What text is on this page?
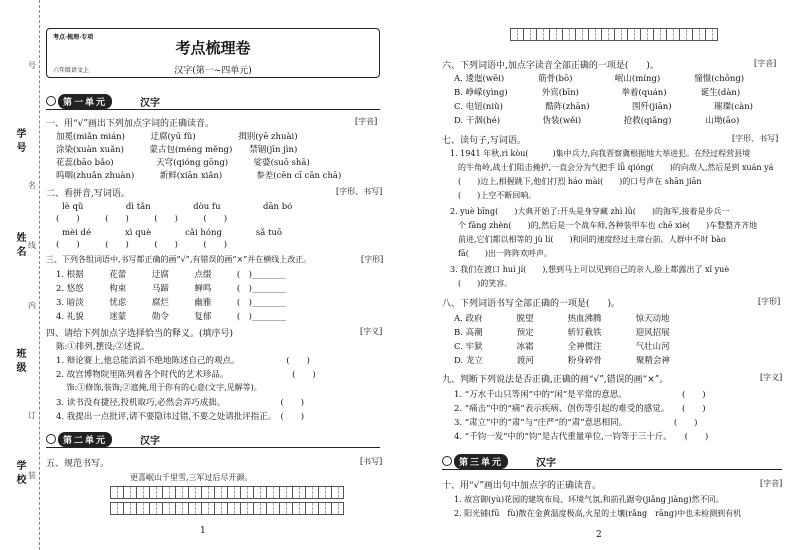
学号
姓名
班级
学校
号
名
线
内
订
装
考点·梳理·专项
六年级语文上
考点梳理卷
汉字(第一~四单元)
第一单元	汉字
一、用“√”画出下列加点字词的正确读音。	[字音]
加冕(miǎn mián)　　　迂腐(yū fǔ)　　　　　揖别(yē zhuài)
涂染(xuàn xuǎn)　　　蒙古包(méng měng)　　禁锢(jīn jìn)
花蕊(bāo bǎo)　　　　　天穹(qióng gōng)　　　娑婆(suō shā)
呜咽(zhuǎn zhuàn)　　　新鲜(xiān xiǎn)　　　　参差(cēn cī cān chā)
二、看拼音,写词语。	[字形、书写]
lè qǔ　　　　　dì tǎn　　　　　dòu fu　　　　　dān bó
(　　)　　　(　　)　　　(　　)　　　(　　)
mèi dé　　　　xì què　　　　cǎi hóng　　　　sǎ tuō
(　　)　　　(　　)　　　(　　)　　　(　　)
三、下列各组词语中,书写都正确的画“√”,有错误的画“×”并在横线上改正。	[字形]
1. 根据　　　花蕾　　　迂腐　　　点缀　　　(　)________
2. 悠悠　　　构束　　　马蹄　　　蝉鸣　　　(　)________
3. 暗淡　　　忧虑　　　腐烂　　　幽雅　　　(　)________
4. 礼貌　　　迷蒙　　　勋令　　　复郁　　　(　)________
四、请给下列加点字选择恰当的释义。(填序号)	[字义]
陈:①排列,摆设;②述说。
1. 辩论赛上,他总能滔滔不绝地陈述自己的观点。　　　　　　(　　)
2. 故宫博物院里陈列着各个时代的艺术珍品。　　　　　　　　(　　)
　 饰:①修饰,装饰;②遮掩,用于你有的心意(文字,见解等)。
3. 读书没有捷径,投机取巧,必然会弄巧成拙。　　　　　　　(　　)
4. 我提出一点批评,请不要隐讳过错,不要之处请批评指正。　(　　)
第二单元	汉字
五、规范书写。	[书写]
更喜岷山千里雪,三军过后尽开颜。
1
六、下列词语中,加点字读音全部正确的一项是(　　)。	[字音]
A. 逶迤(wēi)　　　　筋骨(bō)　　　　　岷山(míng)　　　　憧憬(chōng)
B. 峥嵘(yìng)　　　　外宾(bīn)　　　　　拳着(quán)　　　　诞生(dàn)
C. 电钮(niǔ)　　　　　酷阵(zhān)　　　　　围歼(jiān)　　　　　璀璨(càn)
D. 干涸(hé)　　　　　伪装(wěi)　　　　　抢救(qiǎng)　　　　山坳(āo)
七、读句子,写词语。	[字形、书写]
1. 1941 年秋,rì kòu(　　　)集中兵力,向我晋察冀根据地大举进犯。在经过程营县境
的牛角岭,战士们阻击掩护,一直会分为气把手 lǚ qióng(　　)的向敌人,然后是到 xuán yá
(　　)边上,相握跳下,他们打烈 háo mài(　　)的口号声在 shān jiān
(　　)上空不断回响。
2. yuè bīng(　　)大典开始了:开头是身穿藏 zhì lǜ(　　)的海军,接着是步兵一
个 fāng zhèn(　　)的,然后是一个战车师,各种装甲车也 chē xiè(　　)车整整齐齐地
前进,它们都以相等的 jù lí(　　)和同的速度经过主席台前。人群中不时 bào
fā(　　)出一阵阵欢呼声。
3. 我们在渡口 huí jí(　　),想到马上可以见到自己的亲人,脸上都露出了 xǐ yuè
(　　)的笑容。
八、下列词语书写全部正确的一项是(　　)。	[字形]
A. 政府　　　　脱望　　　　热血沸腾　　　　惊天动地
B. 高潮　　　　预定　　　　斩钉截铁　　　　迎风招展
C. 牢狱　　　　冰霜　　　　全神惯注　　　　气壮山河
D. 龙立　　　　渡河　　　　粉身碎骨　　　　聚精会神
九、判断下列说法是否正确,正确的画“√”,错误的画“×”。	[字义]
1. “万水千山只等闲”中的“闲”是平常的意思。　　　　　　　(　　)
2. “痛击”中的“痛”表示疾病、创伤等引起的难受的感觉。　　(　　)
3. “肃立”中的“肃”与“庄严”的“肃”意思相同。　　　　　　(　　)
4. “千钧一发”中的“钧”是古代重量单位,一钧等于三十斤。　　(　　)
第三单元	汉字
十、用“√”画出句中加点字的正确读音。	[字音]
1. 故宫御(yù)花园的建筑布局、环境气氛,和前孔踞夸(jiǎng jiàng)然不同。
2. 阳光铺(fū　fù)散在金黄温度极高,火星的土壤(rǎng　rāng)中也未检测到有机
2
